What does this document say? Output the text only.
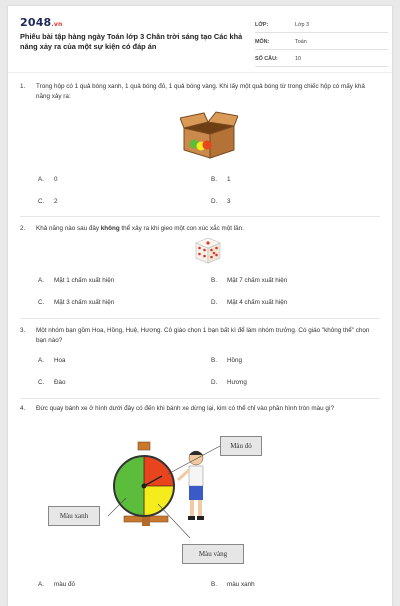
2048.vn
Phiếu bài tập hàng ngày Toán lớp 3 Chân trời sáng tạo Các khả năng xảy ra của một sự kiện có đáp án
LỚP:	Lớp 3
MÔN:	Toán
SỐ CÂU:	10
1. Trong hộp có 1 quả bóng xanh, 1 quả bóng đỏ, 1 quả bóng vàng. Khi lấy một quả bóng từ trong chiếc hộp có mấy khả năng xảy ra:
A. 0	B. 1
C. 2	D. 3
2. Khả năng nào sau đây không thể xảy ra khi gieo một con xúc xắc một lần.
A. Mặt 1 chấm xuất hiện	B. Mặt 7 chấm xuất hiện
C. Mặt 3 chấm xuất hiện	D. Mặt 4 chấm xuất hiện
3. Một nhóm bạn gồm Hoa, Hồng, Huệ, Hương. Cô giáo chọn 1 bạn bất kì để làm nhóm trưởng. Có giáo "không thể" chọn bạn nào?
A. Hoa	B. Hồng
C. Đào	D. Hương
4. Đức quay bánh xe ở hình dưới đây có đến khi bánh xe dừng lại, kim có thể chỉ vào phần hình tròn màu gì?
Màu đỏ
Màu xanh
Màu vàng
A. màu đỏ	B. màu xanh
